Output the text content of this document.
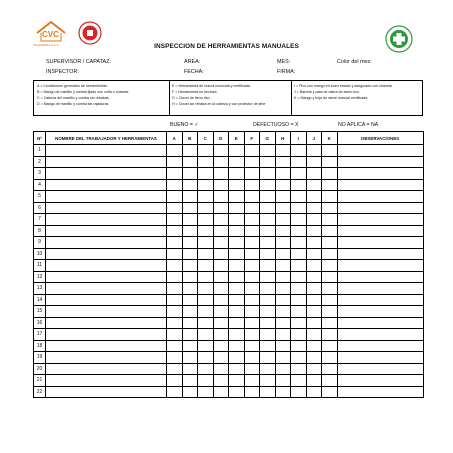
CVC
INGENIERIA S.A.C	INSPECCION DE HERRAMIENTAS MANUALES
SUPERVISOR / CAPATAZ:	AREA:	MES:	Color del mes:
INSPECTOR:	FECHA:	FIRMA:
A = Condiciones generales de herramientas.
B = Mango de martillo y comba fijado con cuña o chaveta
C = Cabeza del martillo y comba sin rebabas
D = Mango de martillo y comba sin rajaduras
E = Herramienta de marca conocida y certificada.
F = Herramienta no hechiza.
G = Cincel de fierro liso.
H = Cincel sin rebaba en la cabeza y con protector de jebe
I = Pico con mango en buen estado y asegurado con chaveta
J = Barreta y pata de cabra de acero liso.
K = Mango y hoja de sierre manual certificada.
BUENO = ✓	DEFECTUOSO = X	NO APLICA = NA
Nº	NOMBRE DEL TRABAJADOR Y HERRAMIENTAS	A	B	C	D	E	F	G	H	I	J	K	OBSERVACIONES
1													
2													
3													
4													
5													
6													
7													
8													
9													
10													
11													
12													
13													
14													
15													
16													
17													
18													
19													
20													
21													
22													
